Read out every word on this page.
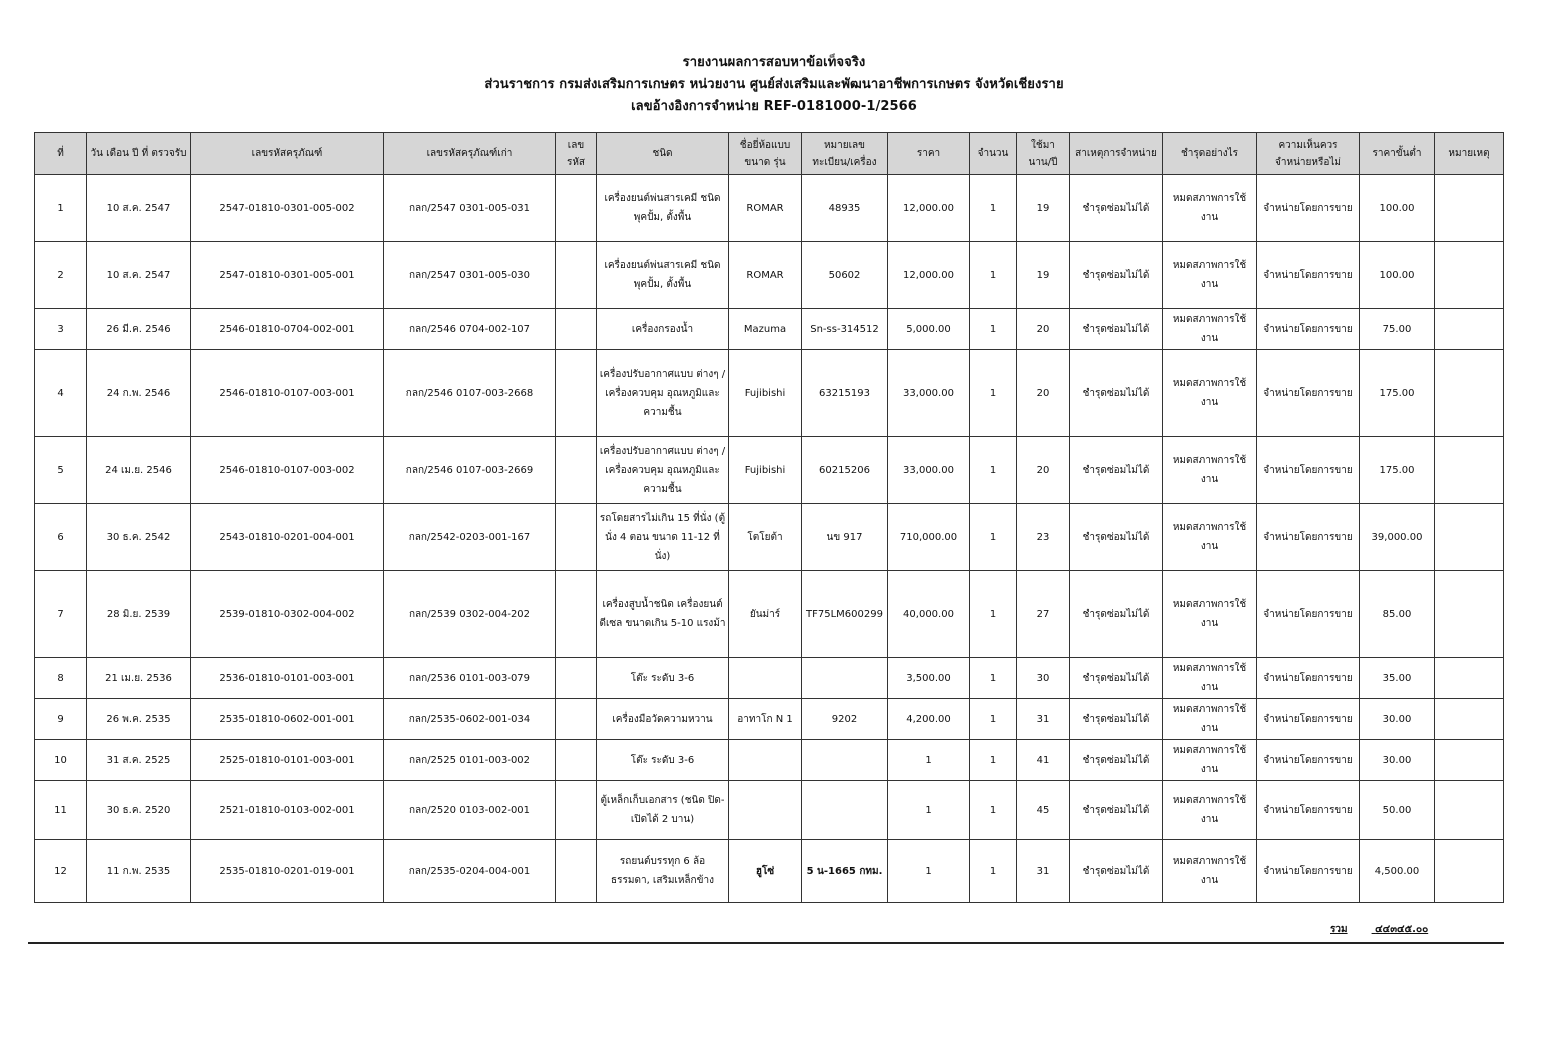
รายงานผลการสอบหาข้อเท็จจริง
ส่วนราชการ กรมส่งเสริมการเกษตร หน่วยงาน ศูนย์ส่งเสริมและพัฒนาอาชีพการเกษตร จังหวัดเชียงราย
เลขอ้างอิงการจำหน่าย REF-0181000-1/2566
ที่	วัน เดือน ปี ที่ ตรวจรับ	เลขรหัสครุภัณฑ์	เลขรหัสครุภัณฑ์เก่า	เลข รหัส	ชนิด	ชื่อยี่ห้อแบบขนาด รุ่น	หมายเลข ทะเบียน/เครื่อง	ราคา	จำนวน	ใช้มา นาน/ปี	สาเหตุการจำหน่าย	ชำรุดอย่างไร	ความเห็นควร จำหน่ายหรือไม่	ราคาขั้นต่ำ	หมายเหตุ
1	10 ส.ค. 2547	2547-01810-0301-005-002	กลก/2547 0301-005-031		เครื่องยนต์พ่นสารเคมี ชนิดพุคปั้ม, ตั้งพื้น	ROMAR	48935	12,000.00	1	19	ชำรุดซ่อมไม่ได้	หมดสภาพการใช้งาน	จำหน่ายโดยการขาย	100.00	
2	10 ส.ค. 2547	2547-01810-0301-005-001	กลก/2547 0301-005-030		เครื่องยนต์พ่นสารเคมี ชนิดพุคปั้ม, ตั้งพื้น	ROMAR	50602	12,000.00	1	19	ชำรุดซ่อมไม่ได้	หมดสภาพการใช้งาน	จำหน่ายโดยการขาย	100.00	
3	26 มี.ค. 2546	2546-01810-0704-002-001	กลก/2546 0704-002-107		เครื่องกรองน้ำ	Mazuma	Sn-ss-314512	5,000.00	1	20	ชำรุดซ่อมไม่ได้	หมดสภาพการใช้งาน	จำหน่ายโดยการขาย	75.00	
4	24 ก.พ. 2546	2546-01810-0107-003-001	กลก/2546 0107-003-2668		เครื่องปรับอากาศแบบ ต่างๆ /เครื่องควบคุม อุณหภูมิและความชื้น	Fujibishi	63215193	33,000.00	1	20	ชำรุดซ่อมไม่ได้	หมดสภาพการใช้งาน	จำหน่ายโดยการขาย	175.00	
5	24 เม.ย. 2546	2546-01810-0107-003-002	กลก/2546 0107-003-2669		เครื่องปรับอากาศแบบ ต่างๆ /เครื่องควบคุม อุณหภูมิและความชื้น	Fujibishi	60215206	33,000.00	1	20	ชำรุดซ่อมไม่ได้	หมดสภาพการใช้งาน	จำหน่ายโดยการขาย	175.00	
6	30 ธ.ค. 2542	2543-01810-0201-004-001	กลก/2542-0203-001-167		รถโดยสารไม่เกิน 15 ที่นั่ง (ตู้นั่ง 4 ตอน ขนาด 11-12 ที่นั่ง)	โตโยต้า	นข 917	710,000.00	1	23	ชำรุดซ่อมไม่ได้	หมดสภาพการใช้งาน	จำหน่ายโดยการขาย	39,000.00	
7	28 มิ.ย. 2539	2539-01810-0302-004-002	กลก/2539 0302-004-202		เครื่องสูบน้ำชนิด เครื่องยนต์ดีเซล ขนาดเกิน 5-10 แรงม้า	ยันม่าร์	TF75LM600299	40,000.00	1	27	ชำรุดซ่อมไม่ได้	หมดสภาพการใช้งาน	จำหน่ายโดยการขาย	85.00	
8	21 เม.ย. 2536	2536-01810-0101-003-001	กลก/2536 0101-003-079		โต๊ะ ระดับ 3-6			3,500.00	1	30	ชำรุดซ่อมไม่ได้	หมดสภาพการใช้งาน	จำหน่ายโดยการขาย	35.00	
9	26 พ.ค. 2535	2535-01810-0602-001-001	กลก/2535-0602-001-034		เครื่องมือวัดความหวาน	อาทาโก N 1	9202	4,200.00	1	31	ชำรุดซ่อมไม่ได้	หมดสภาพการใช้งาน	จำหน่ายโดยการขาย	30.00	
10	31 ส.ค. 2525	2525-01810-0101-003-001	กลก/2525 0101-003-002		โต๊ะ ระดับ 3-6			1	1	41	ชำรุดซ่อมไม่ได้	หมดสภาพการใช้งาน	จำหน่ายโดยการขาย	30.00	
11	30 ธ.ค. 2520	2521-01810-0103-002-001	กลก/2520 0103-002-001		ตู้เหล็กเก็บเอกสาร (ชนิด ปิด-เปิดได้ 2 บาน)			1	1	45	ชำรุดซ่อมไม่ได้	หมดสภาพการใช้งาน	จำหน่ายโดยการขาย	50.00	
12	11 ก.พ. 2535	2535-01810-0201-019-001	กลก/2535-0204-004-001		รถยนต์บรรทุก 6 ล้อ ธรรมดา, เสริมเหล็กข้าง	ฮูโซ่	5 น-1665 กทม.	1	1	31	ชำรุดซ่อมไม่ได้	หมดสภาพการใช้งาน	จำหน่ายโดยการขาย	4,500.00	
รวม	๔๔๓๔๕.๐๐
